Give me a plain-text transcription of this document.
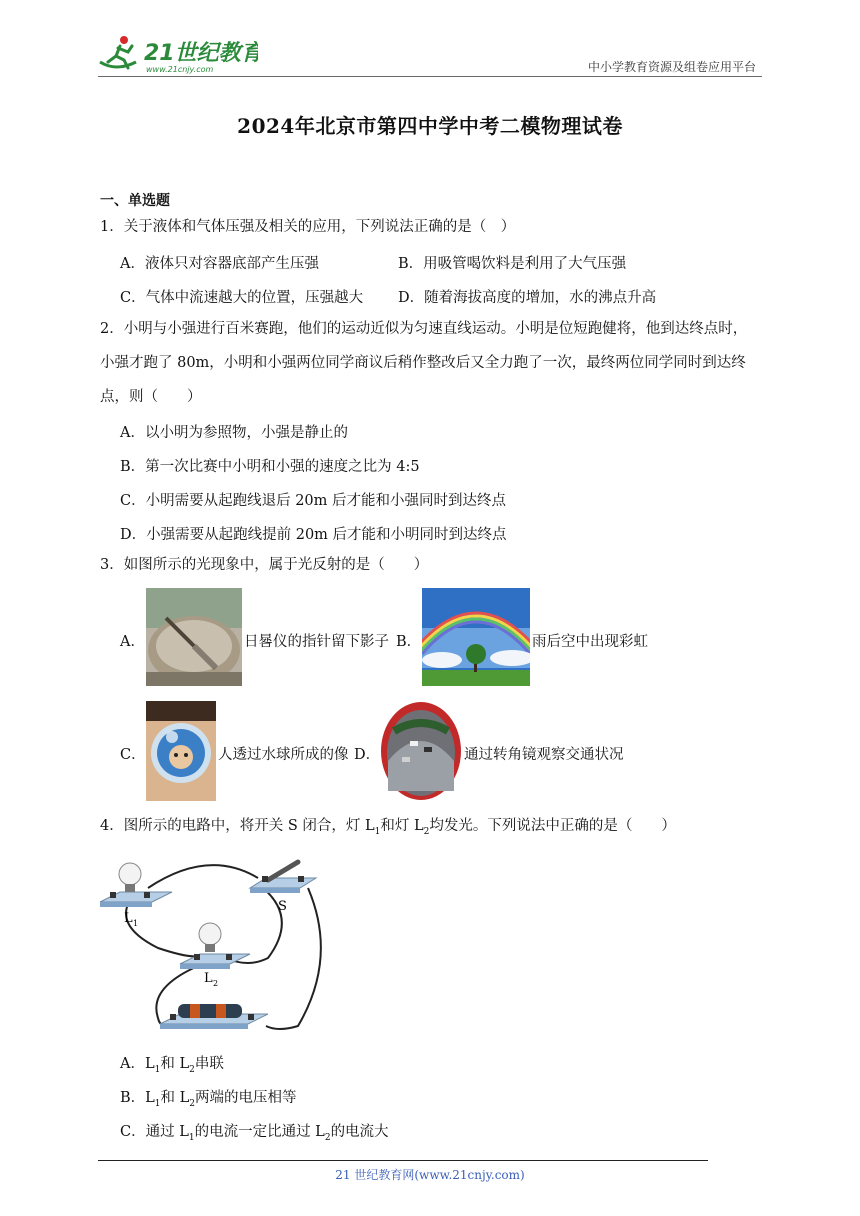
21世纪教育
www.21cnjy.com	中小学教育资源及组卷应用平台
2024年北京市第四中学中考二模物理试卷
一、单选题
1．关于液体和气体压强及相关的应用，下列说法正确的是（　）
A．液体只对容器底部产生压强	B．用吸管喝饮料是利用了大气压强
C．气体中流速越大的位置，压强越大 D．随着海拔高度的增加，水的沸点升高
2．小明与小强进行百米赛跑，他们的运动近似为匀速直线运动。小明是位短跑健将，他到达终点时，
小强才跑了 80m，小明和小强两位同学商议后稍作整改后又全力跑了一次，最终两位同学同时到达终
点，则（　　）
A．以小明为参照物，小强是静止的
B．第一次比赛中小明和小强的速度之比为 4:5
C．小明需要从起跑线退后 20m 后才能和小强同时到达终点
D．小强需要从起跑线提前 20m 后才能和小明同时到达终点
3．如图所示的光现象中，属于光反射的是（　　）
A．	日晷仪的指针留下影子 B．	雨后空中出现彩虹
C．	人透过水球所成的像 D．	通过转角镜观察交通状况
4．图所示的电路中，将开关 S 闭合，灯 $L_1$和灯 $L_2$均发光。下列说法中正确的是（　　）
L 1
S
L 2
A．$L_1$和 $L_2$串联
B．$L_1$和 $L_2$两端的电压相等
C．通过 $L_1$的电流一定比通过 $L_2$的电流大
21 世纪教育网(www.21cnjy.com)
